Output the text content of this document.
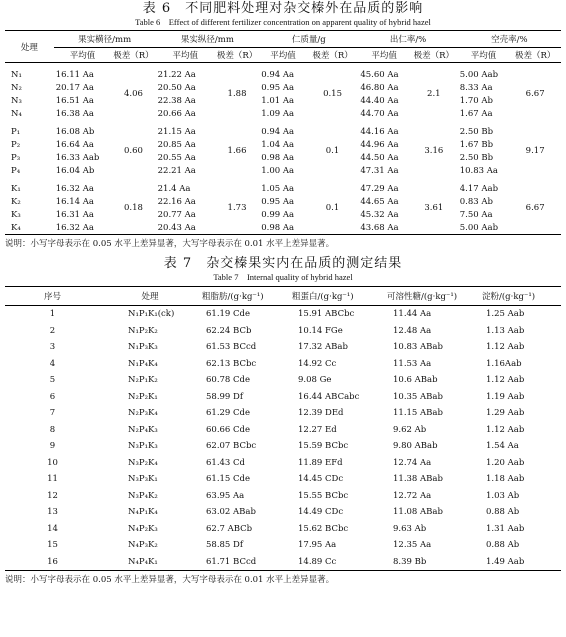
表 6　不同肥料处理对杂交榛外在品质的影响
Table 6　Effect of different fertilizer concentration on apparent quality of hybrid hazel
处理	果实横径/mm		果实纵径/mm		仁质量/g		出仁率/%		空壳率/%	
	平均值	极差（R）	平均值	极差（R）	平均值	极差（R）	平均值	极差（R）	平均值	极差（R）
N₁	16.11 Aa	4.06	21.22 Aa	1.88	0.94 Aa	0.15	45.60 Aa	2.1	5.00 Aab	6.67
N₂	20.17 Aa		20.50 Aa		0.95 Aa		46.80 Aa		8.33 Aa	
N₃	16.51 Aa		22.38 Aa		1.01 Aa		44.40 Aa		1.70 Ab	
N₄	16.38 Aa		20.66 Aa		1.09 Aa		44.70 Aa		1.67 Aa	
P₁	16.08 Ab	0.60	21.15 Aa	1.66	0.94 Aa	0.1	44.16 Aa	3.16	2.50 Bb	9.17
P₂	16.64 Aa		20.85 Aa		1.04 Aa		44.96 Aa		1.67 Bb	
P₃	16.33 Aab		20.55 Aa		0.98 Aa		44.50 Aa		2.50 Bb	
P₄	16.04 Ab		22.21 Aa		1.00 Aa		47.31 Aa		10.83 Aa	
K₁	16.32 Aa	0.18	21.4 Aa	1.73	1.05 Aa	0.1	47.29 Aa	3.61	4.17 Aab	6.67
K₂	16.14 Aa		22.16 Aa		0.95 Aa		44.65 Aa		0.83 Ab	
K₃	16.31 Aa		20.77 Aa		0.99 Aa		45.32 Aa		7.50 Aa	
K₄	16.32 Aa		20.43 Aa		0.98 Aa		43.68 Aa		5.00 Aab	
说明：小写字母表示在 0.05 水平上差异显著，大写字母表示在 0.01 水平上差异显著。
表 7　杂交榛果实内在品质的测定结果
Table 7　Internal quality of hybrid hazel
序号	处理	粗脂肪/(g·kg⁻¹)	粗蛋白/(g·kg⁻¹)	可溶性糖/(g·kg⁻¹)	淀粉/(g·kg⁻¹)
1	N₁P₁K₁(ck)	61.19 Cde	15.91 ABCbc	11.44 Aa	1.25 Aab
2	N₁P₂K₂	62.24 BCb	10.14 FGe	12.48 Aa	1.13 Aab
3	N₁P₃K₃	61.53 BCcd	17.32 ABab	10.83 ABab	1.12 Aab
4	N₁P₄K₄	62.13 BCbc	14.92 Cc	11.53 Aa	1.16Aab
5	N₂P₁K₂	60.78 Cde	9.08 Ge	10.6 ABab	1.12 Aab
6	N₂P₂K₁	58.99 Df	16.44 ABCabc	10.35 ABab	1.19 Aab
7	N₂P₃K₄	61.29 Cde	12.39 DEd	11.15 ABab	1.29 Aab
8	N₂P₄K₃	60.66 Cde	12.27 Ed	9.62 Ab	1.12 Aab
9	N₃P₁K₃	62.07 BCbc	15.59 BCbc	9.80 ABab	1.54 Aa
10	N₃P₂K₄	61.43 Cd	11.89 EFd	12.74 Aa	1.20 Aab
11	N₃P₃K₁	61.15 Cde	14.45 CDc	11.38 ABab	1.18 Aab
12	N₃P₄K₂	63.95 Aa	15.55 BCbc	12.72 Aa	1.03 Ab
13	N₄P₁K₄	63.02 ABab	14.49 CDc	11.08 ABab	0.88 Ab
14	N₄P₂K₃	62.7 ABCb	15.62 BCbc	9.63 Ab	1.31 Aab
15	N₄P₃K₂	58.85 Df	17.95 Aa	12.35 Aa	0.88 Ab
16	N₄P₄K₁	61.71 BCcd	14.89 Cc	8.39 Bb	1.49 Aab
说明：小写字母表示在 0.05 水平上差异显著，大写字母表示在 0.01 水平上差异显著。
